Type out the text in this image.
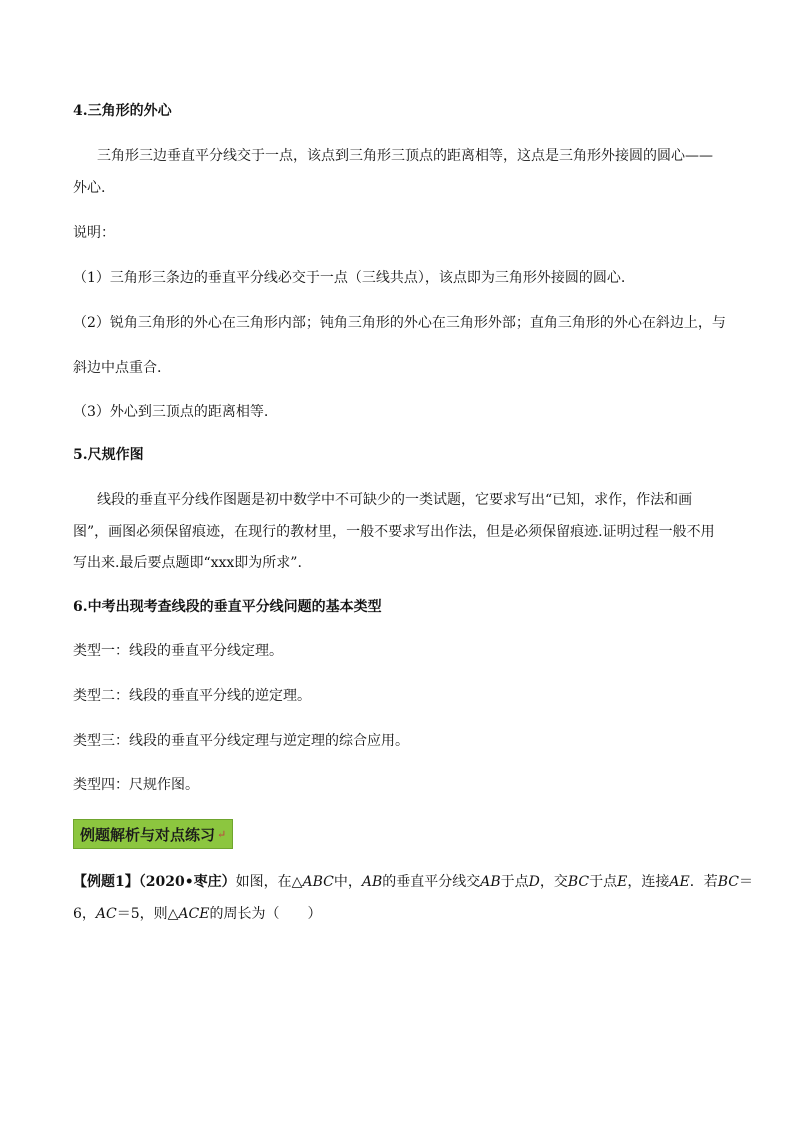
4.三角形的外心
三角形三边垂直平分线交于一点，该点到三角形三顶点的距离相等，这点是三角形外接圆的圆心——
外心.
说明：
（1）三角形三条边的垂直平分线必交于一点（三线共点），该点即为三角形外接圆的圆心.
（2）锐角三角形的外心在三角形内部；钝角三角形的外心在三角形外部；直角三角形的外心在斜边上，与
斜边中点重合.
（3）外心到三顶点的距离相等.
5.尺规作图
线段的垂直平分线作图题是初中数学中不可缺少的一类试题，它要求写出“已知，求作，作法和画
图”，画图必须保留痕迹，在现行的教材里，一般不要求写出作法，但是必须保留痕迹.证明过程一般不用
写出来.最后要点题即“xxx即为所求”.
6.中考出现考查线段的垂直平分线问题的基本类型
类型一：线段的垂直平分线定理。
类型二：线段的垂直平分线的逆定理。
类型三：线段的垂直平分线定理与逆定理的综合应用。
类型四：尺规作图。
例题解析与对点练习 ↵
【例题1】（2020•枣庄）如图，在△ABC中，AB的垂直平分线交AB于点D，交BC于点E，连接AE．若BC＝
6，AC＝5，则△ACE的周长为（　　）
